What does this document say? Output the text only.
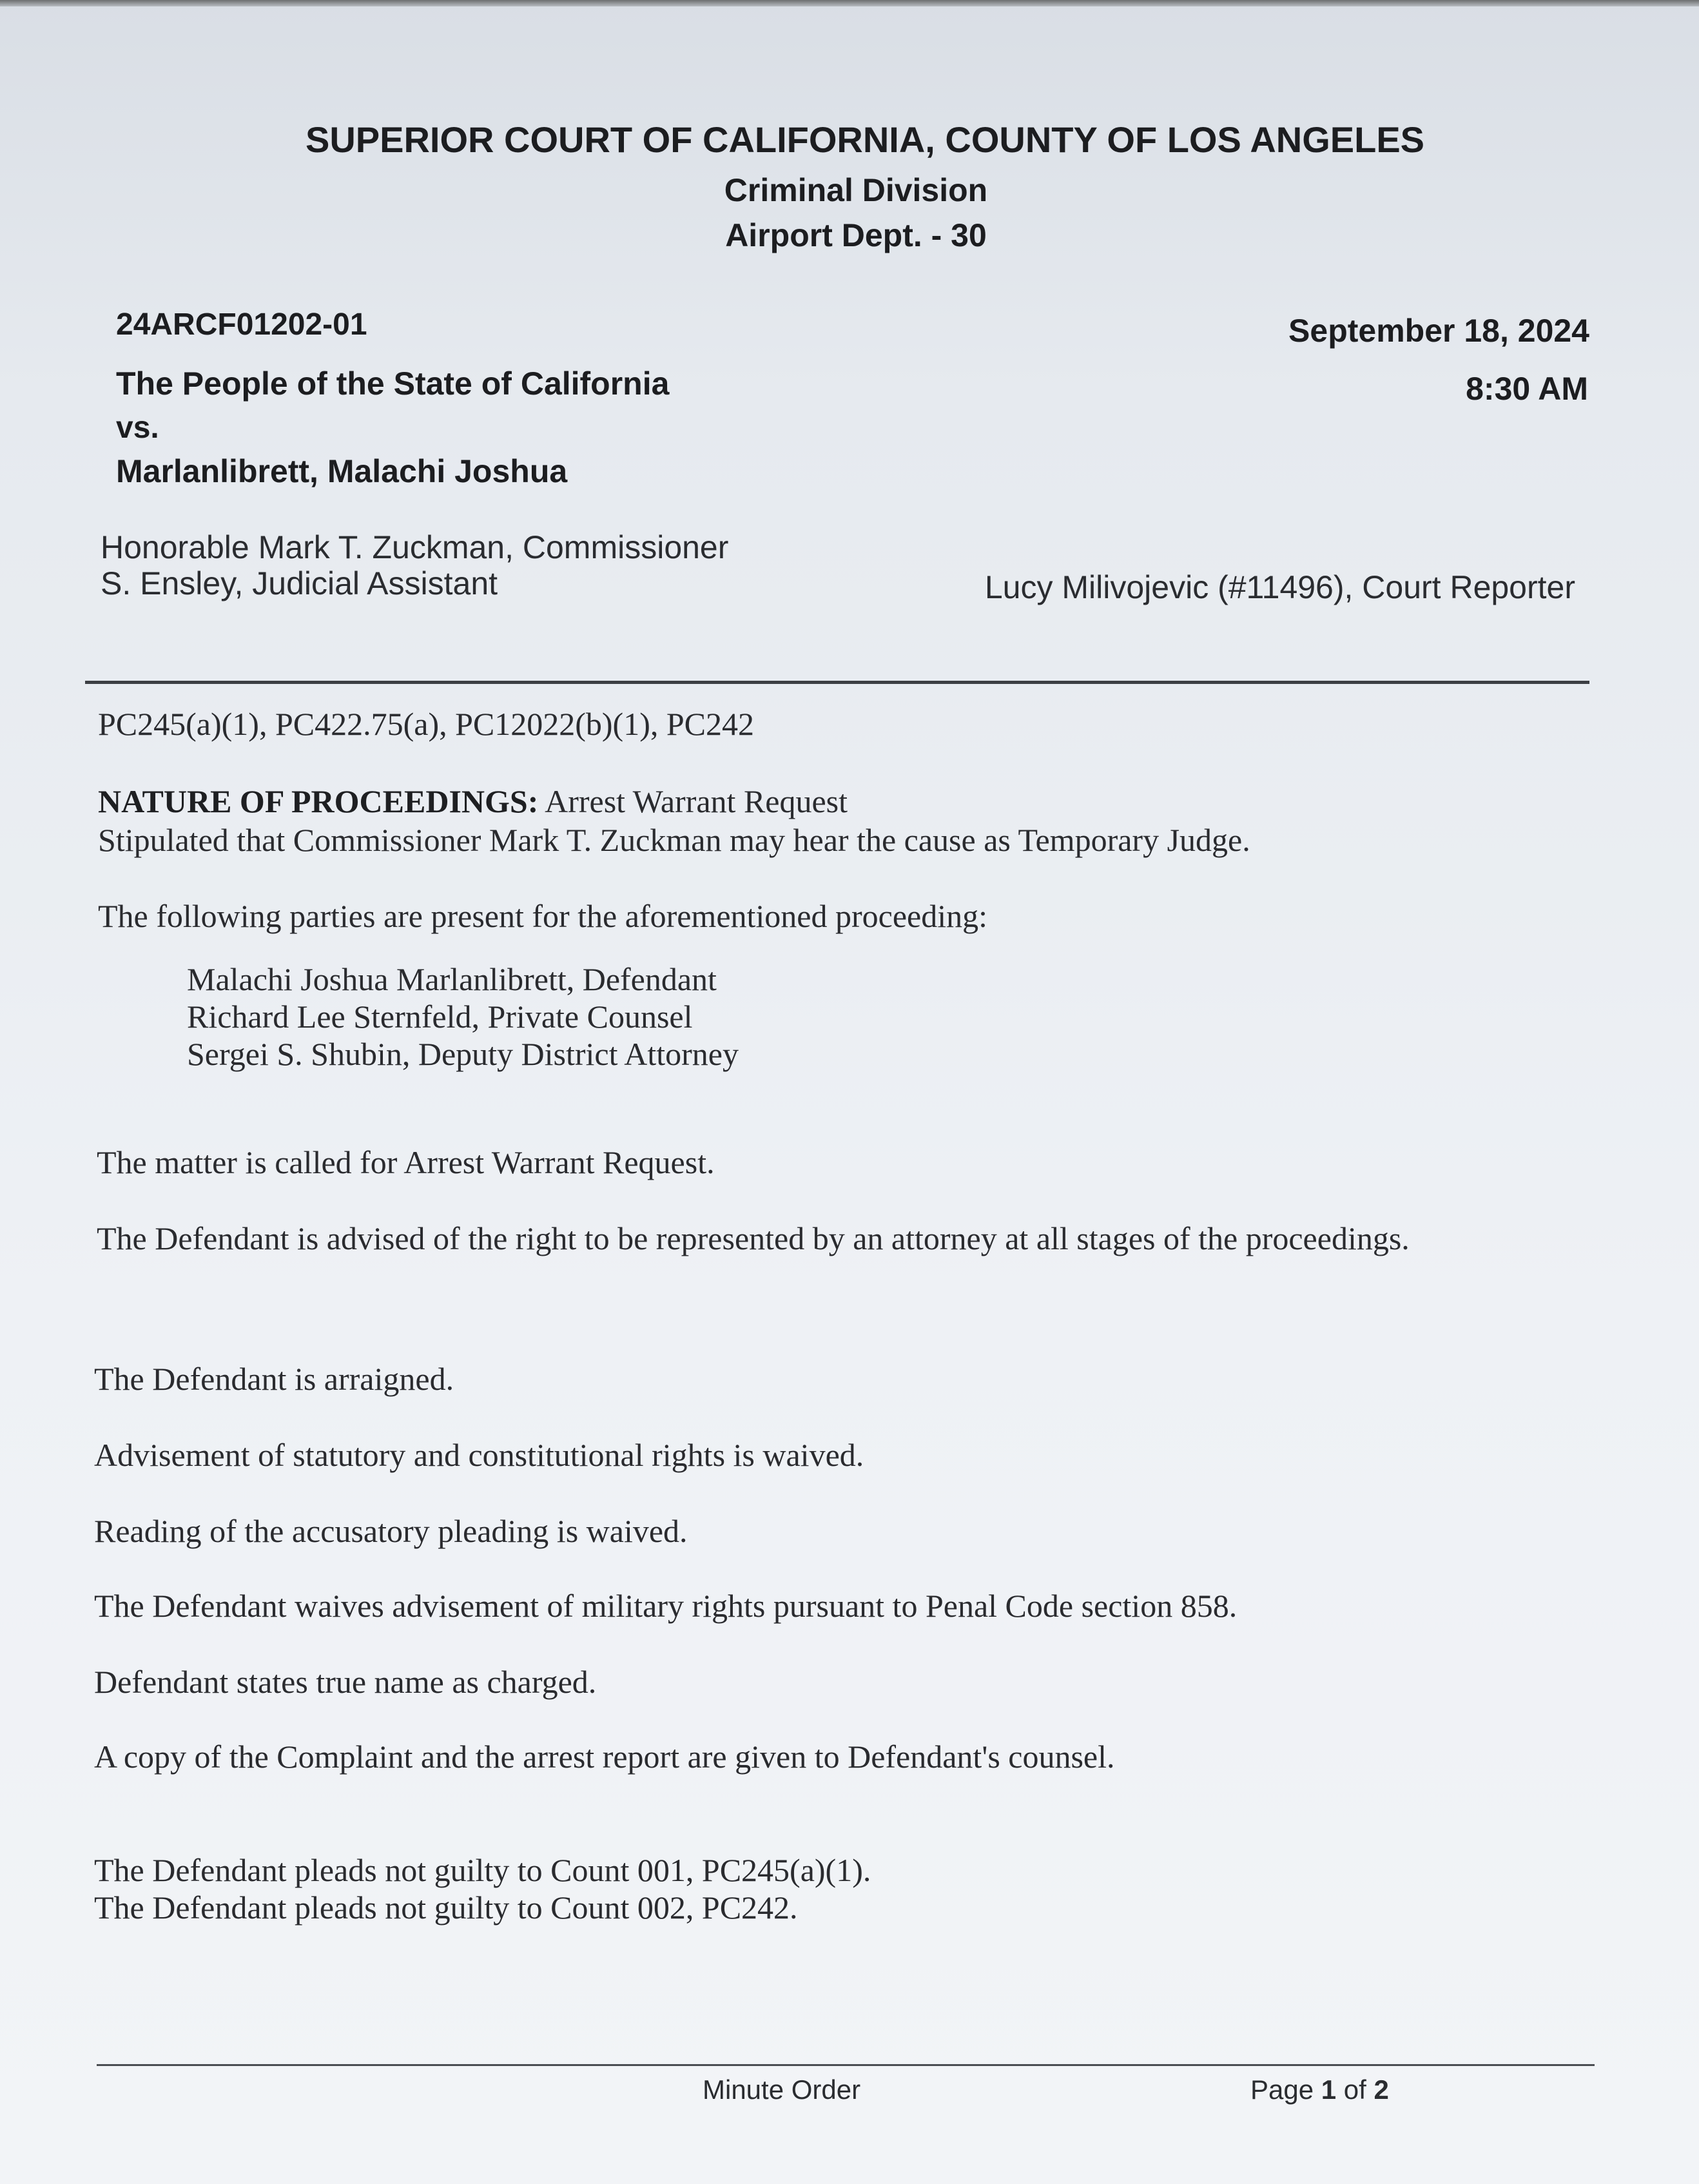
SUPERIOR COURT OF CALIFORNIA, COUNTY OF LOS ANGELES
Criminal Division
Airport Dept. - 30
24ARCF01202-01
The People of the State of California
vs.
Marlanlibrett, Malachi Joshua
September 18, 2024
8:30 AM
Honorable Mark T. Zuckman, Commissioner
S. Ensley, Judicial Assistant	Lucy Milivojevic (#11496), Court Reporter
PC245(a)(1), PC422.75(a), PC12022(b)(1), PC242
NATURE OF PROCEEDINGS: Arrest Warrant Request
Stipulated that Commissioner Mark T. Zuckman may hear the cause as Temporary Judge.
The following parties are present for the aforementioned proceeding:
Malachi Joshua Marlanlibrett, Defendant
Richard Lee Sternfeld, Private Counsel
Sergei S. Shubin, Deputy District Attorney
The matter is called for Arrest Warrant Request.
The Defendant is advised of the right to be represented by an attorney at all stages of the proceedings.
The Defendant is arraigned.
Advisement of statutory and constitutional rights is waived.
Reading of the accusatory pleading is waived.
The Defendant waives advisement of military rights pursuant to Penal Code section 858.
Defendant states true name as charged.
A copy of the Complaint and the arrest report are given to Defendant's counsel.
The Defendant pleads not guilty to Count 001, PC245(a)(1).
The Defendant pleads not guilty to Count 002, PC242.
Minute Order	Page 1 of 2
